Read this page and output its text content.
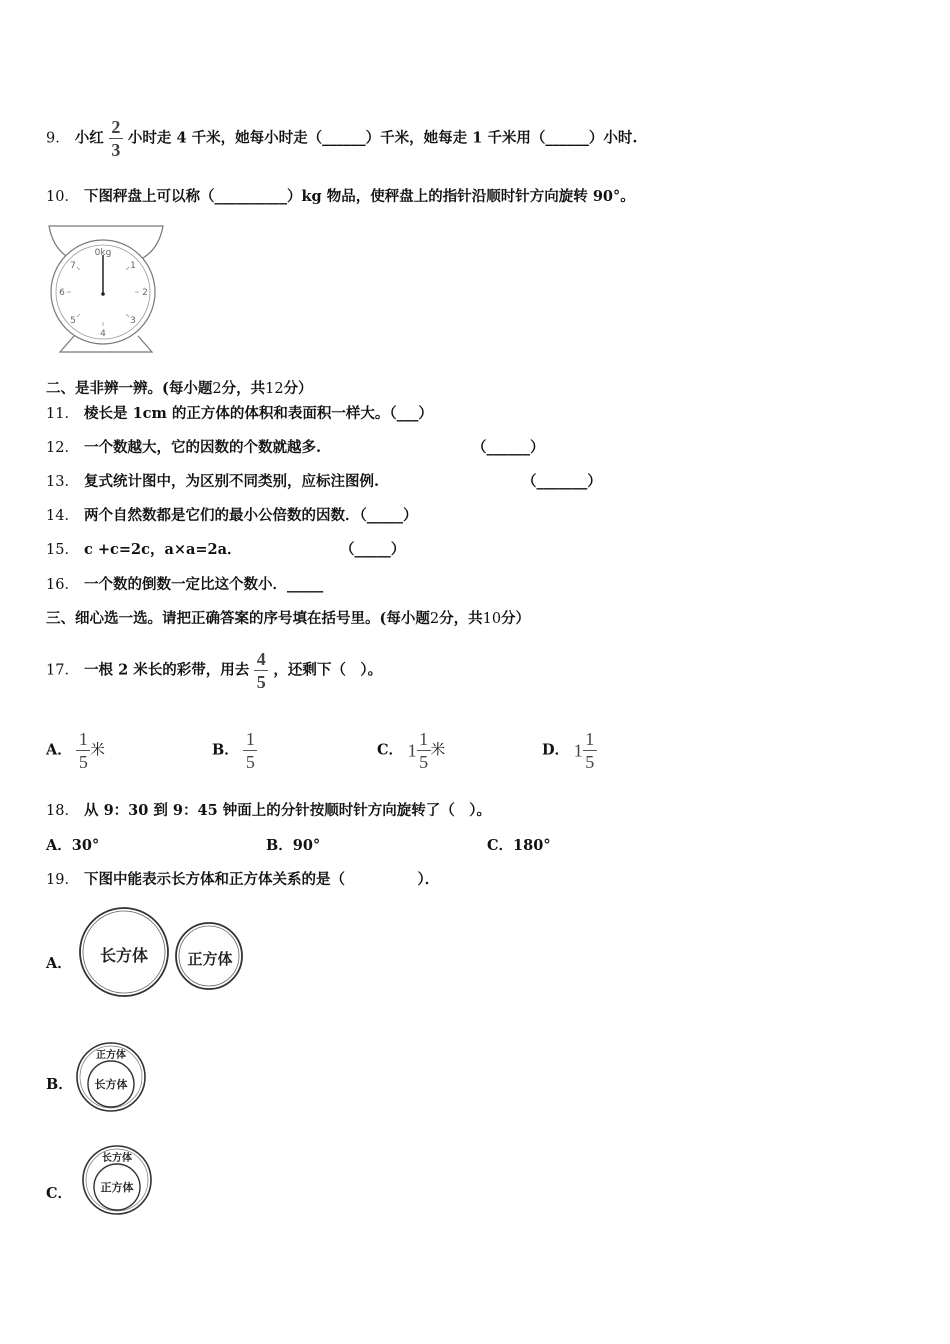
9． 小红 $\frac{2}{3}$ 小时走 4 千米，她每小时走（______）千米，她每走 1 千米用（______）小时.
10． 下图秤盘上可以称（__________）kg 物品，使秤盘上的指针沿顺时针方向旋转 90°。
0kg
1
2
3
4
5
6
7
二、是非辨一辨。(每小题2分，共12分）
11． 棱长是 1cm 的正方体的体积和表面积一样大。（___）
12． 一个数越大，它的因数的个数就越多.	（______）
13． 复式统计图中，为区别不同类别，应标注图例.	（_______）
14． 两个自然数都是它们的最小公倍数的因数．（_____）
15． c +c=2c，a×a=2a．	（_____）
16． 一个数的倒数一定比这个数小．_____
三、细心选一选。请把正确答案的序号填在括号里。(每小题2分，共10分）
17． 一根 2 米长的彩带，用去 $\frac{4}{5}$ ，还剩下（　）。
A． $\frac{1}{5}$ 米	B． $\frac{1}{5}$	C． $1 \frac{1}{5}$ 米	D． $1 \frac{1}{5}$
18． 从 9：30 到 9：45 钟面上的分针按顺时针方向旋转了（　）。
A．30°	B．90°	C．180°
19． 下图中能表示长方体和正方体关系的是（　　　　　）．
A． 长方体	正方体
B．
正方体
长方体
C．
长方体
正方体
